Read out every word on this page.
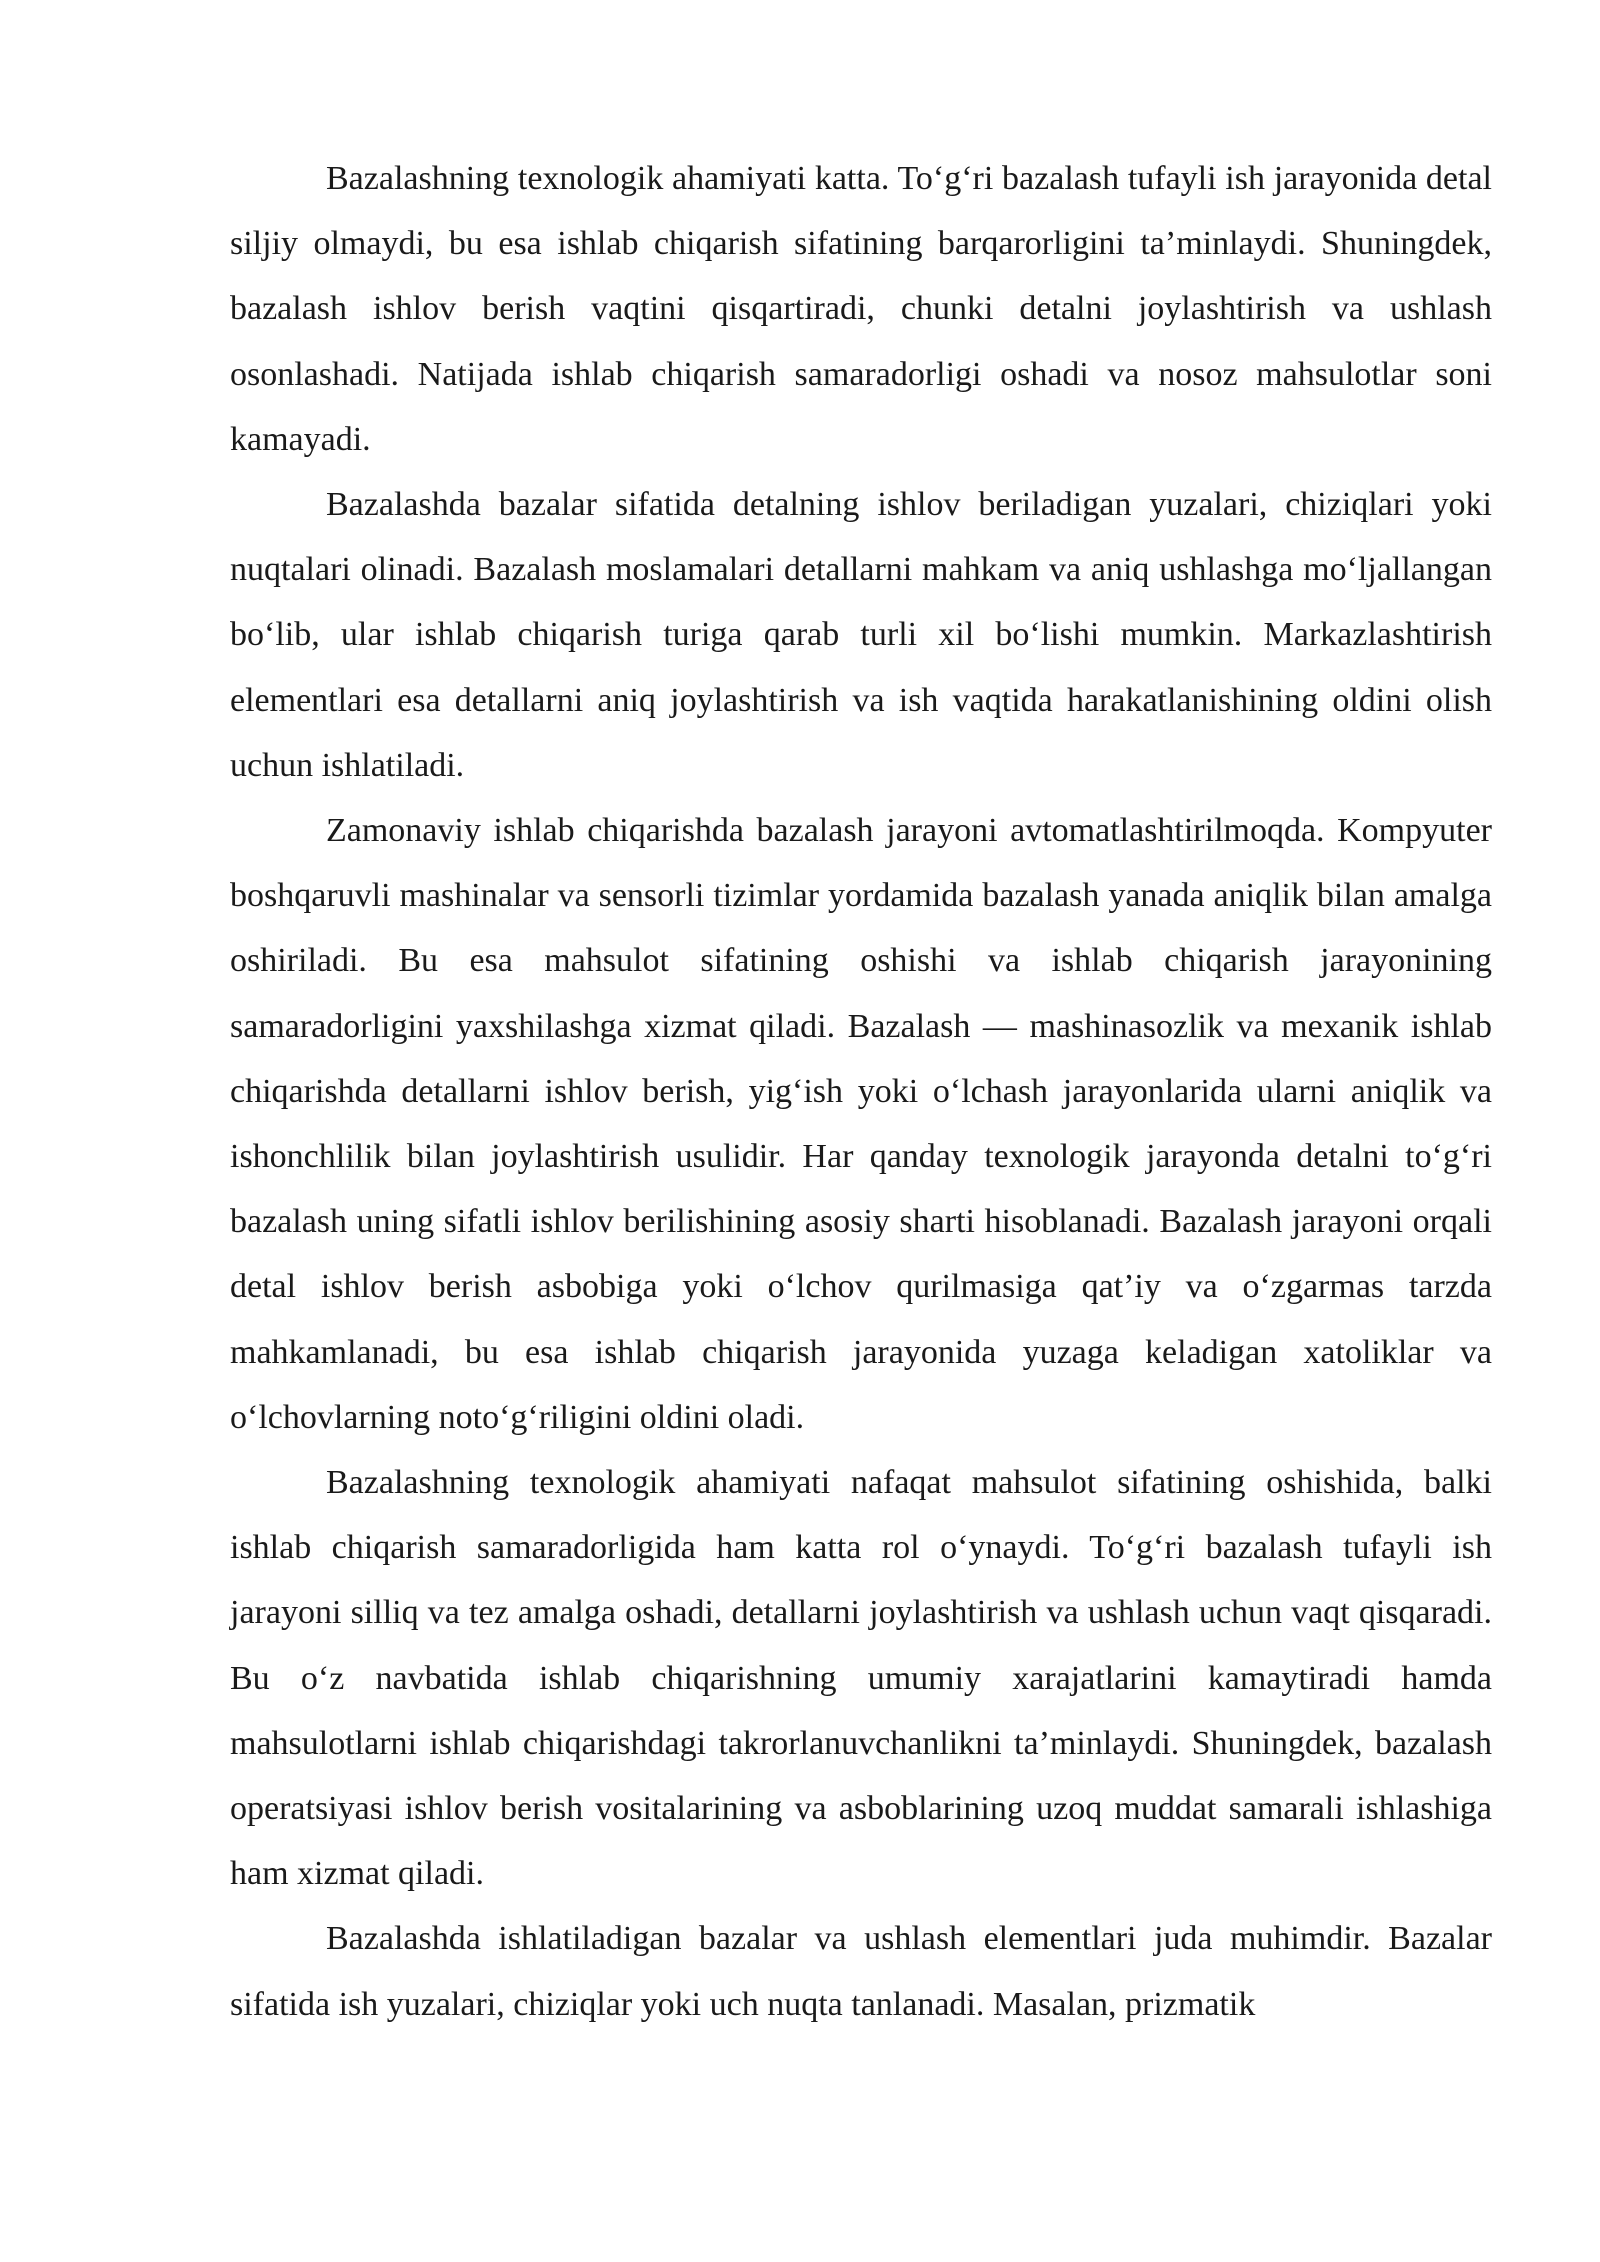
Bazalashning texnologik ahamiyati katta. To‘g‘ri bazalash tufayli ish jarayonida detal siljiy olmaydi, bu esa ishlab chiqarish sifatining barqarorligini ta’minlaydi. Shuningdek, bazalash ishlov berish vaqtini qisqartiradi, chunki detalni joylashtirish va ushlash osonlashadi. Natijada ishlab chiqarish samaradorligi oshadi va nosoz mahsulotlar soni kamayadi.

Bazalashda bazalar sifatida detalning ishlov beriladigan yuzalari, chiziqlari yoki nuqtalari olinadi. Bazalash moslamalari detallarni mahkam va aniq ushlashga mo‘ljallangan bo‘lib, ular ishlab chiqarish turiga qarab turli xil bo‘lishi mumkin. Markazlashtirish elementlari esa detallarni aniq joylashtirish va ish vaqtida harakatlanishining oldini olish uchun ishlatiladi.

Zamonaviy ishlab chiqarishda bazalash jarayoni avtomatlashtirilmoqda. Kompyuter boshqaruvli mashinalar va sensorli tizimlar yordamida bazalash yanada aniqlik bilan amalga oshiriladi. Bu esa mahsulot sifatining oshishi va ishlab chiqarish jarayonining samaradorligini yaxshilashga xizmat qiladi. Bazalash — mashinasozlik va mexanik ishlab chiqarishda detallarni ishlov berish, yig‘ish yoki o‘lchash jarayonlarida ularni aniqlik va ishonchlilik bilan joylashtirish usulidir. Har qanday texnologik jarayonda detalni to‘g‘ri bazalash uning sifatli ishlov berilishining asosiy sharti hisoblanadi. Bazalash jarayoni orqali detal ishlov berish asbobiga yoki o‘lchov qurilmasiga qat’iy va o‘zgarmas tarzda mahkamlanadi, bu esa ishlab chiqarish jarayonida yuzaga keladigan xatoliklar va o‘lchovlarning noto‘g‘riligini oldini oladi.

Bazalashning texnologik ahamiyati nafaqat mahsulot sifatining oshishida, balki ishlab chiqarish samaradorligida ham katta rol o‘ynaydi. To‘g‘ri bazalash tufayli ish jarayoni silliq va tez amalga oshadi, detallarni joylashtirish va ushlash uchun vaqt qisqaradi. Bu o‘z navbatida ishlab chiqarishning umumiy xarajatlarini kamaytiradi hamda mahsulotlarni ishlab chiqarishdagi takrorlanuvchanlikni ta’minlaydi. Shuningdek, bazalash operatsiyasi ishlov berish vositalarining va asboblarining uzoq muddat samarali ishlashiga ham xizmat qiladi.

Bazalashda ishlatiladigan bazalar va ushlash elementlari juda muhimdir. Bazalar sifatida ish yuzalari, chiziqlar yoki uch nuqta tanlanadi. Masalan, prizmatik
